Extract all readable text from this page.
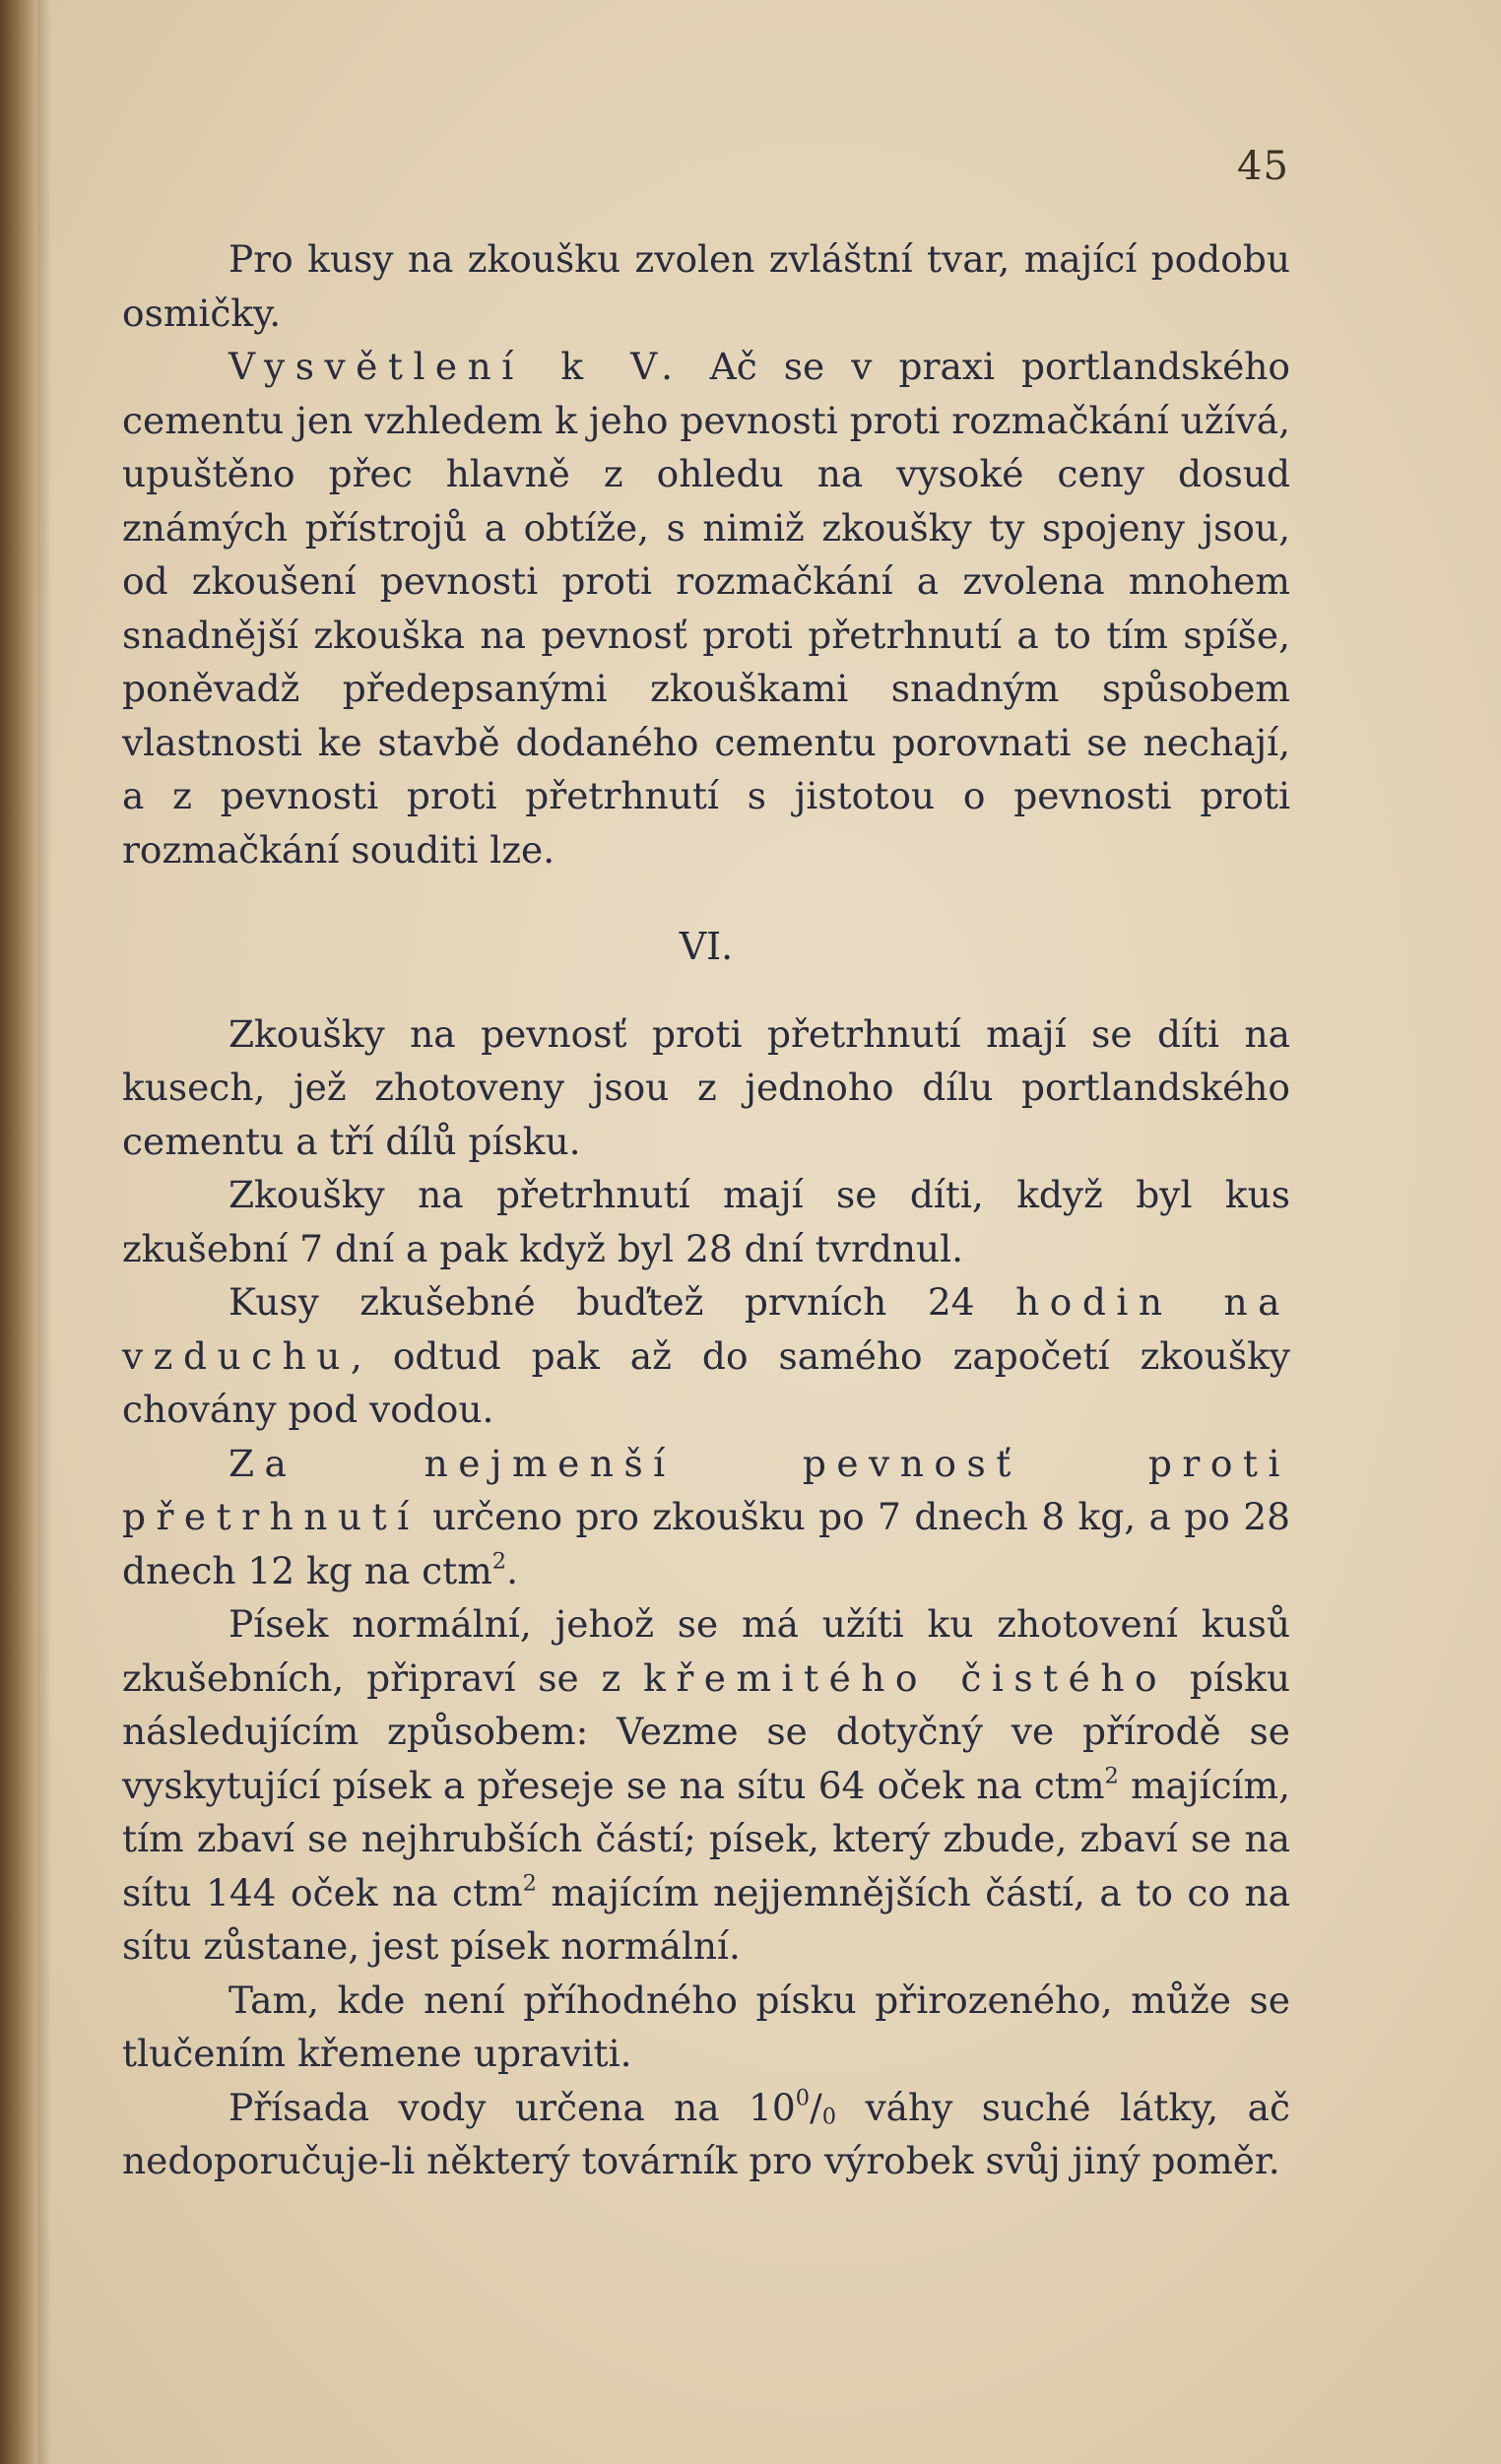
45

Pro kusy na zkoušku zvolen zvláštní tvar, mající podobu osmičky.

Vysvětlení k V. Ač se v praxi portlandského cementu jen vzhledem k jeho pevnosti proti rozmačkání užívá, upuštěno přec hlavně z ohledu na vysoké ceny dosud známých přístrojů a obtíže, s nimiž zkoušky ty spojeny jsou, od zkoušení pevnosti proti rozmačkání a zvolena mnohem snadnější zkouška na pevnosť proti přetrhnutí a to tím spíše, poněvadž předepsanými zkouškami snadným spůsobem vlastnosti ke stavbě dodaného cementu porovnati se nechají, a z pevnosti proti přetrhnutí s jistotou o pevnosti proti rozmačkání souditi lze.

VI.

Zkoušky na pevnosť proti přetrhnutí mají se díti na kusech, jež zhotoveny jsou z jednoho dílu portlandského cementu a tří dílů písku.

Zkoušky na přetrhnutí mají se díti, když byl kus zkušební 7 dní a pak když byl 28 dní tvrdnul.

Kusy zkušebné buďtež prvních 24 hodin na vzduchu, odtud pak až do samého započetí zkoušky chovány pod vodou.

Za nejmenší pevnosť proti přetrhnutí určeno pro zkoušku po 7 dnech 8 kg, a po 28 dnech 12 kg na ctm$^2$.

Písek normální, jehož se má užíti ku zhotovení kusů zkušebních, připraví se z křemitého čistého písku následujícím způsobem: Vezme se dotyčný ve přírodě se vyskytující písek a přeseje se na sítu 64 oček na ctm$^2$ majícím, tím zbaví se nejhrubších částí; písek, který zbude, zbaví se na sítu 144 oček na ctm$^2$ majícím nejjemnějších částí, a to co na sítu zůstane, jest písek normální.

Tam, kde není příhodného písku přirozeného, může se tlučením křemene upraviti.

Přísada vody určena na $10^0/_0$ váhy suché látky, ač nedoporučuje-li některý továrník pro výrobek svůj jiný poměr.
